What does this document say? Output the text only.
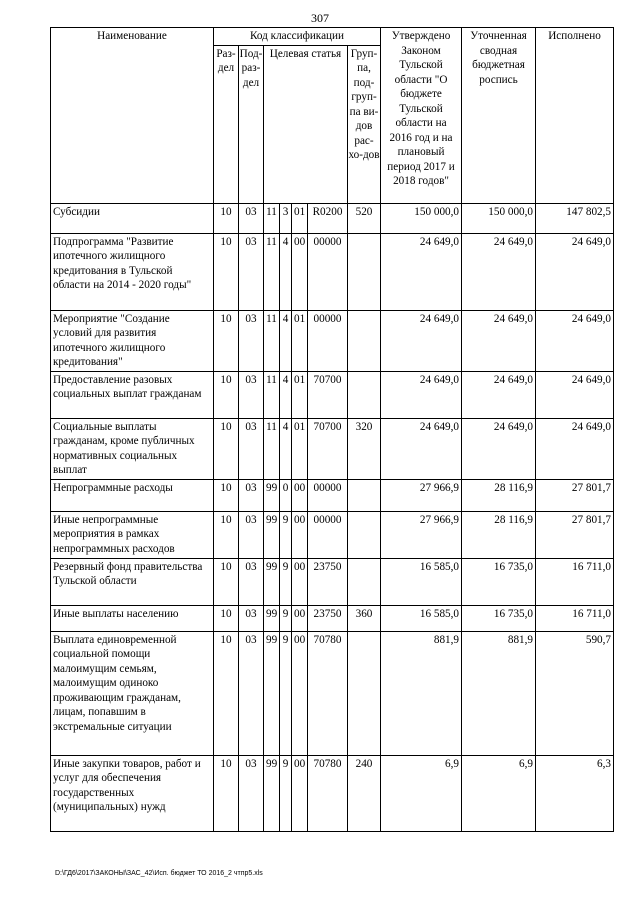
307
Наименование	Код классификации							Утверждено Законом Тульской области "О бюджете Тульской области на 2016 год и на плановый период 2017 и 2018 годов"	Уточненная сводная бюджетная роспись	Исполнено
	Раз-дел	Под-раз-дел	Целевая статья				Груп-па, под-груп-па ви-дов рас-хо-дов			
Субсидии	10	03	11	3	01	R0200	520	150 000,0	150 000,0	147 802,5
Подпрограмма "Развитие ипотечного жилищного кредитования в Тульской области на 2014 - 2020 годы"	10	03	11	4	00	00000		24 649,0	24 649,0	24 649,0
Мероприятие "Создание условий для развития ипотечного жилищного кредитования"	10	03	11	4	01	00000		24 649,0	24 649,0	24 649,0
Предоставление разовых социальных выплат гражданам	10	03	11	4	01	70700		24 649,0	24 649,0	24 649,0
Социальные выплаты гражданам, кроме публичных нормативных социальных выплат	10	03	11	4	01	70700	320	24 649,0	24 649,0	24 649,0
Непрограммные расходы	10	03	99	0	00	00000		27 966,9	28 116,9	27 801,7
Иные непрограммные мероприятия в рамках непрограммных расходов	10	03	99	9	00	00000		27 966,9	28 116,9	27 801,7
Резервный фонд правительства Тульской области	10	03	99	9	00	23750		16 585,0	16 735,0	16 711,0
Иные выплаты населению	10	03	99	9	00	23750	360	16 585,0	16 735,0	16 711,0
Выплата единовременной социальной помощи малоимущим семьям, малоимущим одиноко проживающим гражданам, лицам, попавшим в экстремальные ситуации	10	03	99	9	00	70780		881,9	881,9	590,7
Иные закупки товаров, работ и услуг для обеспечения государственных (муниципальных) нужд	10	03	99	9	00	70780	240	6,9	6,9	6,3
D:\ГД6\2017\ЗАКОНЫ\ЗАС_42\Исп. бюджет ТО 2016_2 чтпр5.xls
